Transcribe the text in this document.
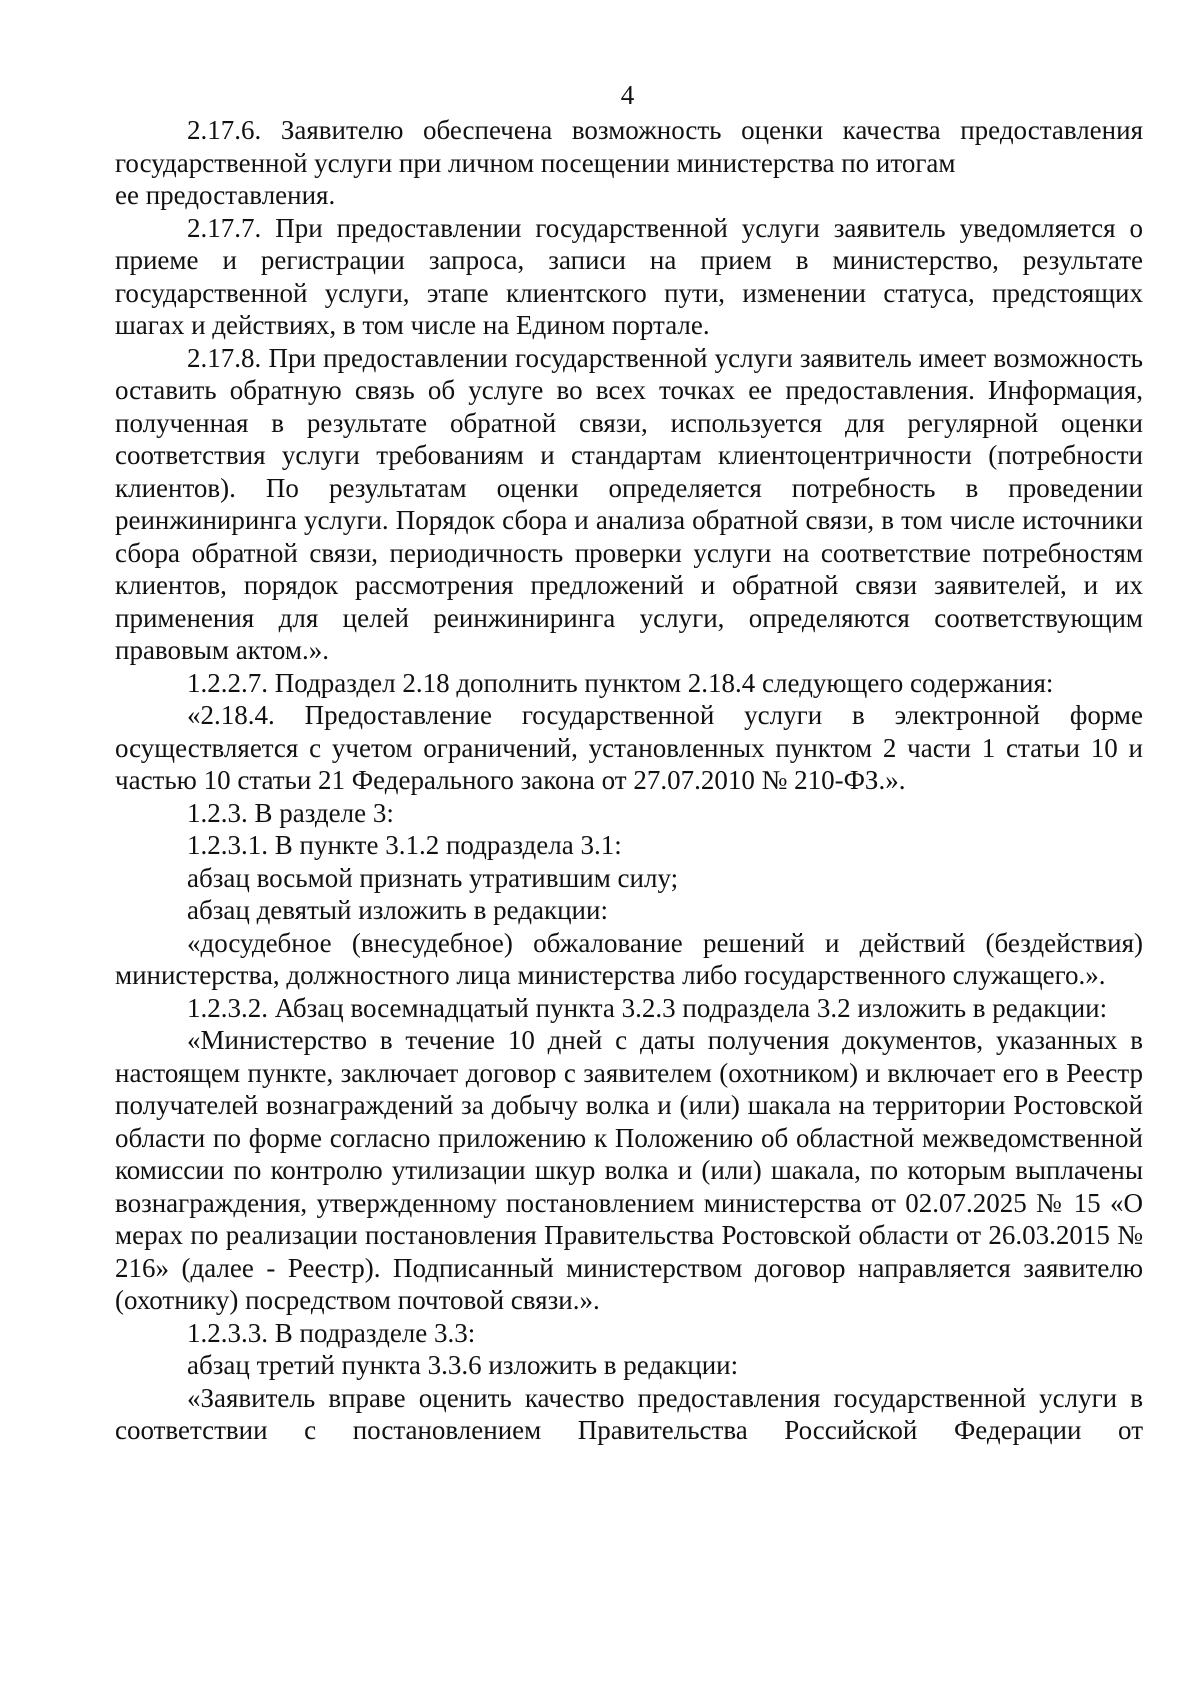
4

2.17.6. Заявителю обеспечена возможность оценки качества предоставления государственной услуги при личном посещении министерства по итогам

ее предоставления.

2.17.7. При предоставлении государственной услуги заявитель уведомляется о приеме и регистрации запроса, записи на прием в министерство, результате государственной услуги, этапе клиентского пути, изменении статуса, предстоящих шагах и действиях, в том числе на Едином портале.

2.17.8. При предоставлении государственной услуги заявитель имеет возможность оставить обратную связь об услуге во всех точках ее предоставления. Информация, полученная в результате обратной связи, используется для регулярной оценки соответствия услуги требованиям и стандартам клиентоцентричности (потребности клиентов). По результатам оценки определяется потребность в проведении реинжиниринга услуги. Порядок сбора и анализа обратной связи, в том числе источники сбора обратной связи, периодичность проверки услуги на соответствие потребностям клиентов, порядок рассмотрения предложений и обратной связи заявителей, и их применения для целей реинжиниринга услуги, определяются соответствующим правовым актом.».

1.2.2.7. Подраздел 2.18 дополнить пунктом 2.18.4 следующего содержания:

«2.18.4. Предоставление государственной услуги в электронной форме осуществляется с учетом ограничений, установленных пунктом 2 части 1 статьи 10 и частью 10 статьи 21 Федерального закона от 27.07.2010 № 210-ФЗ.».

1.2.3. В разделе 3:

1.2.3.1. В пункте 3.1.2 подраздела 3.1:

абзац восьмой признать утратившим силу;

абзац девятый изложить в редакции:

«досудебное (внесудебное) обжалование решений и действий (бездействия) министерства, должностного лица министерства либо государственного служащего.».

1.2.3.2. Абзац восемнадцатый пункта 3.2.3 подраздела 3.2 изложить в редакции:

«Министерство в течение 10 дней с даты получения документов, указанных в настоящем пункте, заключает договор с заявителем (охотником) и включает его в Реестр получателей вознаграждений за добычу волка и (или) шакала на территории Ростовской области по форме согласно приложению к Положению об областной межведомственной комиссии по контролю утилизации шкур волка и (или) шакала, по которым выплачены вознаграждения, утвержденному постановлением министерства от 02.07.2025 № 15 «О мерах по реализации постановления Правительства Ростовской области от 26.03.2015 № 216» (далее - Реестр). Подписанный министерством договор направляется заявителю (охотнику) посредством почтовой связи.».

1.2.3.3. В подразделе 3.3:

абзац третий пункта 3.3.6 изложить в редакции:

«Заявитель вправе оценить качество предоставления государственной услуги в соответствии с постановлением Правительства Российской Федерации от
